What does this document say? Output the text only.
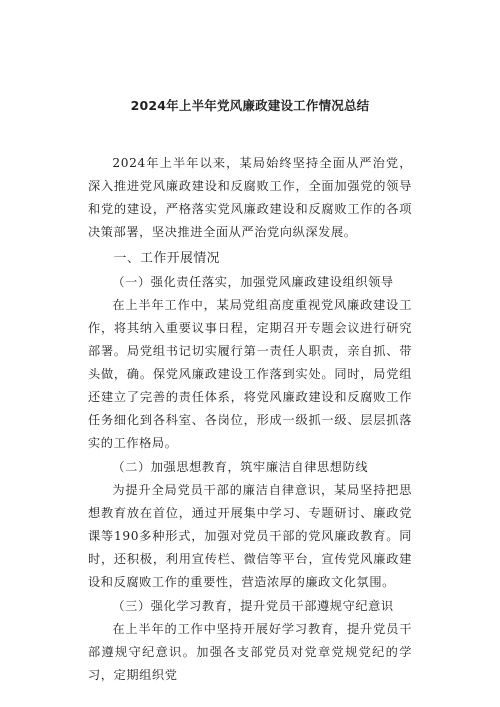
2024年上半年党风廉政建设工作情况总结

2024年上半年以来，某局始终坚持全面从严治党，深入推进党风廉政建设和反腐败工作，全面加强党的领导和党的建设，严格落实党风廉政建设和反腐败工作的各项决策部署，坚决推进全面从严治党向纵深发展。

一、工作开展情况

（一）强化责任落实，加强党风廉政建设组织领导

在上半年工作中，某局党组高度重视党风廉政建设工作，将其纳入重要议事日程，定期召开专题会议进行研究部署。局党组书记切实履行第一责任人职责，亲自抓、带头做，确。保党风廉政建设工作落到实处。同时，局党组还建立了完善的责任体系，将党风廉政建设和反腐败工作任务细化到各科室、各岗位，形成一级抓一级、层层抓落实的工作格局。

（二）加强思想教育，筑牢廉洁自律思想防线

为提升全局党员干部的廉洁自律意识，某局坚持把思想教育放在首位，通过开展集中学习、专题研讨、廉政党课等190多种形式，加强对党员干部的党风廉政教育。同时，还积极，利用宣传栏、微信等平台，宣传党风廉政建设和反腐败工作的重要性，营造浓厚的廉政文化氛围。

（三）强化学习教育，提升党员干部遵规守纪意识

在上半年的工作中坚持开展好学习教育，提升党员干部遵规守纪意识。加强各支部党员对党章党规党纪的学习，定期组织党
